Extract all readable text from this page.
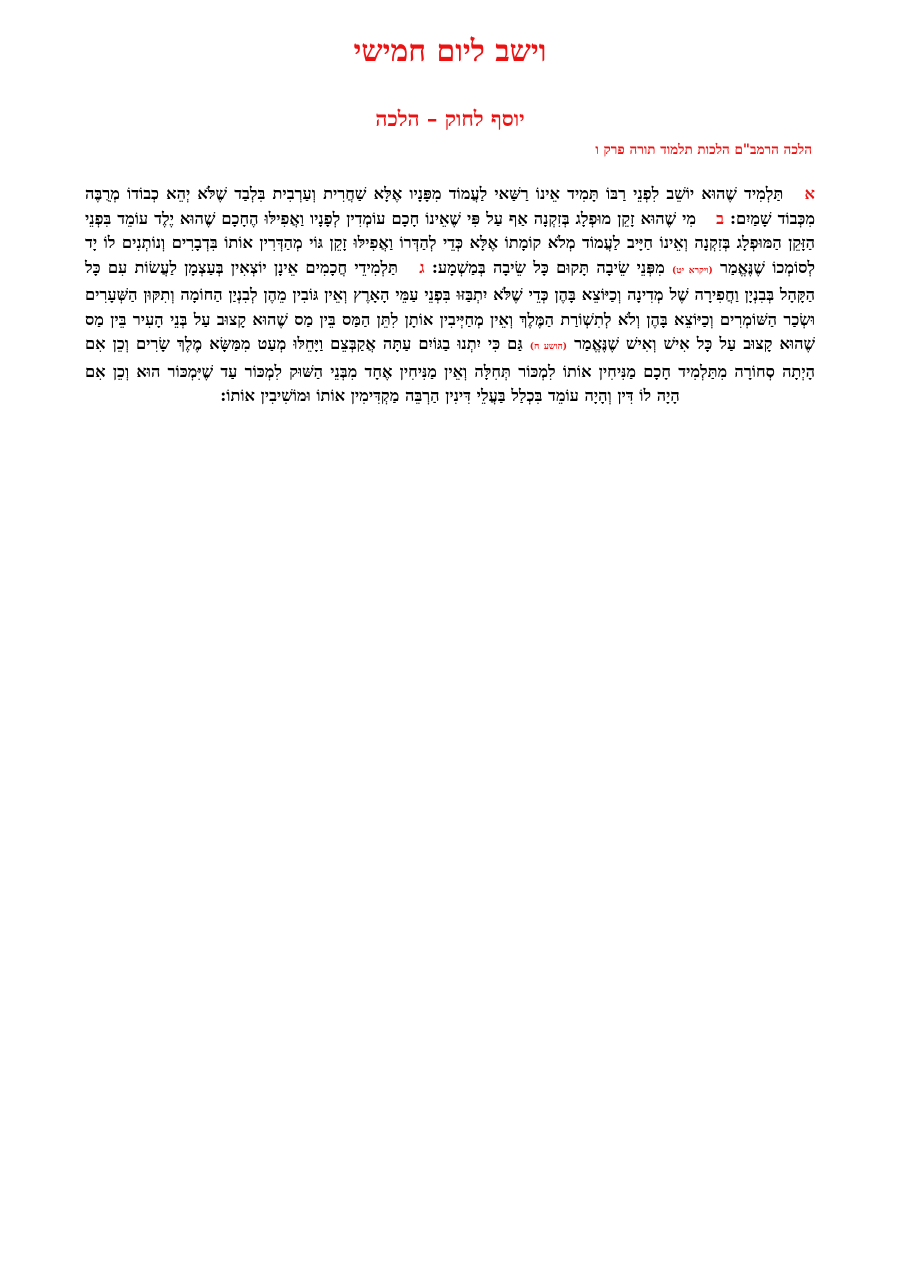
וישב ליום חמישי
יוסף לחוק – הלכה

הלכה הרמב"ם הלכות תלמוד תורה פרק ו

א תַּלְמִיד שֶׁהוּא יוֹשֵׁב לִפְנֵי רַבּוֹ תָּמִיד אֵינוֹ רַשַּׁאי לַעֲמוֹד מִפָּנָיו אֶלָּא שַׁחֲרִית וְעַרְבִית בִּלְבַד שֶׁלֹּא יְהֵא כְבוֹדוֹ מְרֻבֶּה מִכְּבוֹד שָׁמַיִם: ב מִי שֶׁהוּא זָקֵן מוּפְלָג בְּזִקְנָה אַף עַל פִּי שֶׁאֵינוֹ חָכָם עוֹמְדִין לְפָנָיו וַאֲפִילּוּ הֶחָכָם שֶׁהוּא יֶלֶד עוֹמֵד בִּפְנֵי הַזָּקֵן הַמּוּפְלָג בְּזִקְנָה וְאֵינוֹ חַיָּיב לַעֲמוֹד מְלֹא קוֹמָתוֹ אֶלָּא כְּדֵי לְהַדְּרוֹ וַאֲפִילּוּ זָקֵן גּוֹי מְהַדְּרִין אוֹתוֹ בִּדְבָרִים וְנוֹתְנִים לוֹ יָד לְסוֹמְכוֹ שֶׁנֶּאֱמַר (ויקרא יט) מִפְּנֵי שֵׂיבָה תָּקוּם כָּל שֵׂיבָה בְּמַשְׁמָע: ג תַּלְמִידֵי חֲכָמִים אֵינָן יוֹצְאִין בְּעַצְמָן לַעֲשׂוֹת עִם כָּל הַקָּהָל בְּבִנְיָן וַחֲפִירָה שֶׁל מְדִינָה וְכַיּוֹצֵא בָּהֶן כְּדֵי שֶׁלֹּא יִתְבַּזּוּ בִּפְנֵי עַמֵּי הָאָרֶץ וְאֵין גּוֹבִין מֵהֶן לְבִנְיַן הַחוֹמָה וְתִקּוּן הַשְּׁעָרִים וּשְׂכַר הַשּׁוֹמְרִים וְכַיּוֹצֵא בָּהֶן וְלֹא לְתִשְׁוֹרַת הַמֶּלֶךְ וְאֵין מְחַיְּיבִין אוֹתָן לִתֵּן הַמַּס בֵּין מַס שֶׁהוּא קָצוּב עַל בְּנֵי הָעִיר בֵּין מַס שֶׁהוּא קָצוּב עַל כָּל אִישׁ וְאִישׁ שֶׁנֶּאֱמַר (הושע ח) גַּם כִּי יִתְנוּ בַגּוֹיִם עַתָּה אֲקַבְּצֵם וַיָּחֵלּוּ מְעַט מִמַּשָּׂא מֶלֶךְ שָׂרִים וְכֵן אִם הָיְתָה סְחוֹרָה מִתַּלְמִיד חָכָם מַנִּיחִין אוֹתוֹ לִמְכּוֹר תְּחִלָּה וְאֵין מַנִּיחִין אֶחָד מִבְּנֵי הַשּׁוּק לִמְכּוֹר עַד שֶׁיִּמְכּוֹר הוּא וְכֵן אִם הָיָה לוֹ דִּין וְהָיָה עוֹמֵד בִּכְלַל בַּעֲלֵי דִּינִין הַרְבֵּה מַקְדִּימִין אוֹתוֹ וּמוֹשִׁיבִין אוֹתוֹ:
